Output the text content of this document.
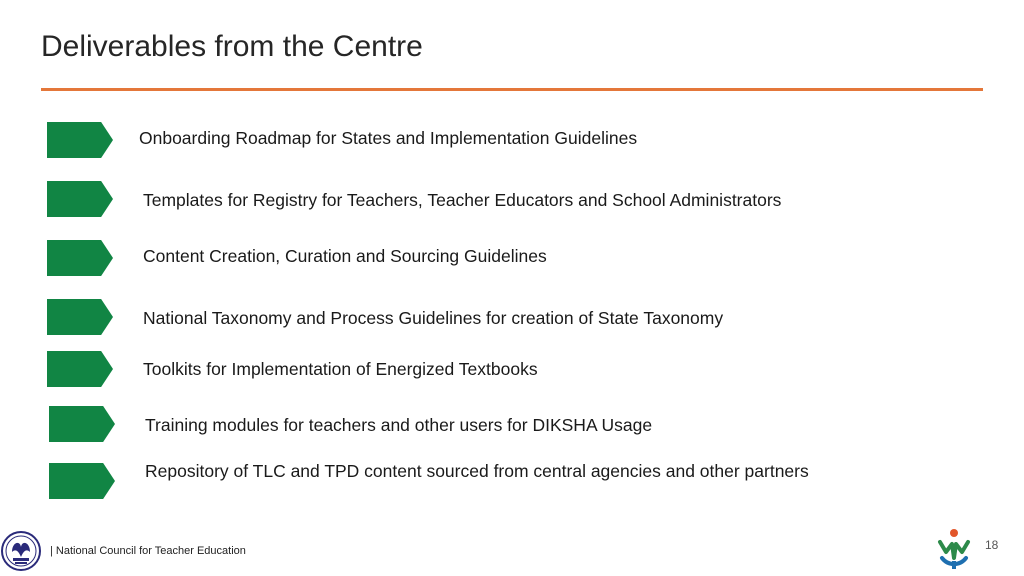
Deliverables from the Centre
Onboarding Roadmap for States and Implementation Guidelines
Templates for Registry for Teachers, Teacher Educators and School Administrators
Content Creation, Curation and Sourcing Guidelines
National Taxonomy and Process Guidelines for creation of State Taxonomy
Toolkits for Implementation of Energized Textbooks
Training modules for teachers and other users for DIKSHA Usage
Repository of TLC and TPD content sourced from central agencies and other partners
| National Council for Teacher Education	18
